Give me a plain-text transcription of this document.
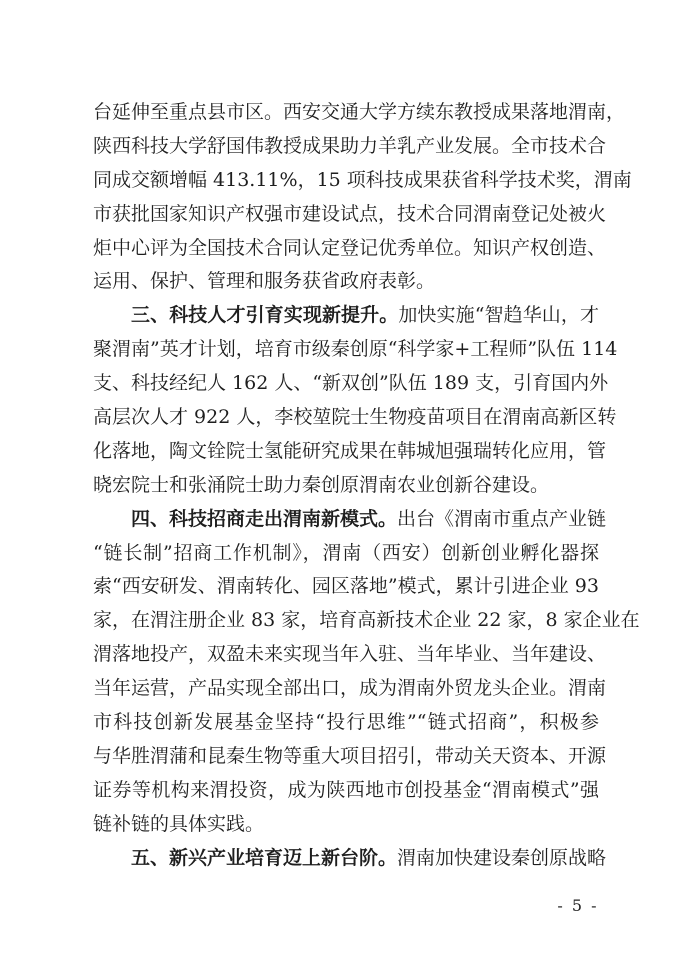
台延伸至重点县市区。西安交通大学方续东教授成果落地渭南，
陕西科技大学舒国伟教授成果助力羊乳产业发展。全市技术合
同成交额增幅 413.11%，15 项科技成果获省科学技术奖，渭南
市获批国家知识产权强市建设试点，技术合同渭南登记处被火
炬中心评为全国技术合同认定登记优秀单位。知识产权创造、
运用、保护、管理和服务获省政府表彰。
三、科技人才引育实现新提升。加快实施“智趋华山，才
聚渭南”英才计划，培育市级秦创原“科学家+工程师”队伍 114
支、科技经纪人 162 人、“新双创”队伍 189 支，引育国内外
高层次人才 922 人，李校堃院士生物疫苗项目在渭南高新区转
化落地，陶文铨院士氢能研究成果在韩城旭强瑞转化应用，管
晓宏院士和张涌院士助力秦创原渭南农业创新谷建设。
四、科技招商走出渭南新模式。出台《渭南市重点产业链
“链长制”招商工作机制》，渭南（西安）创新创业孵化器探
索“西安研发、渭南转化、园区落地”模式，累计引进企业 93
家，在渭注册企业 83 家，培育高新技术企业 22 家，8 家企业在
渭落地投产，双盈未来实现当年入驻、当年毕业、当年建设、
当年运营，产品实现全部出口，成为渭南外贸龙头企业。渭南
市科技创新发展基金坚持“投行思维”“链式招商”，积极参
与华胜渭蒲和昆秦生物等重大项目招引，带动关天资本、开源
证券等机构来渭投资，成为陕西地市创投基金“渭南模式”强
链补链的具体实践。
五、新兴产业培育迈上新台阶。渭南加快建设秦创原战略
- 5 -
